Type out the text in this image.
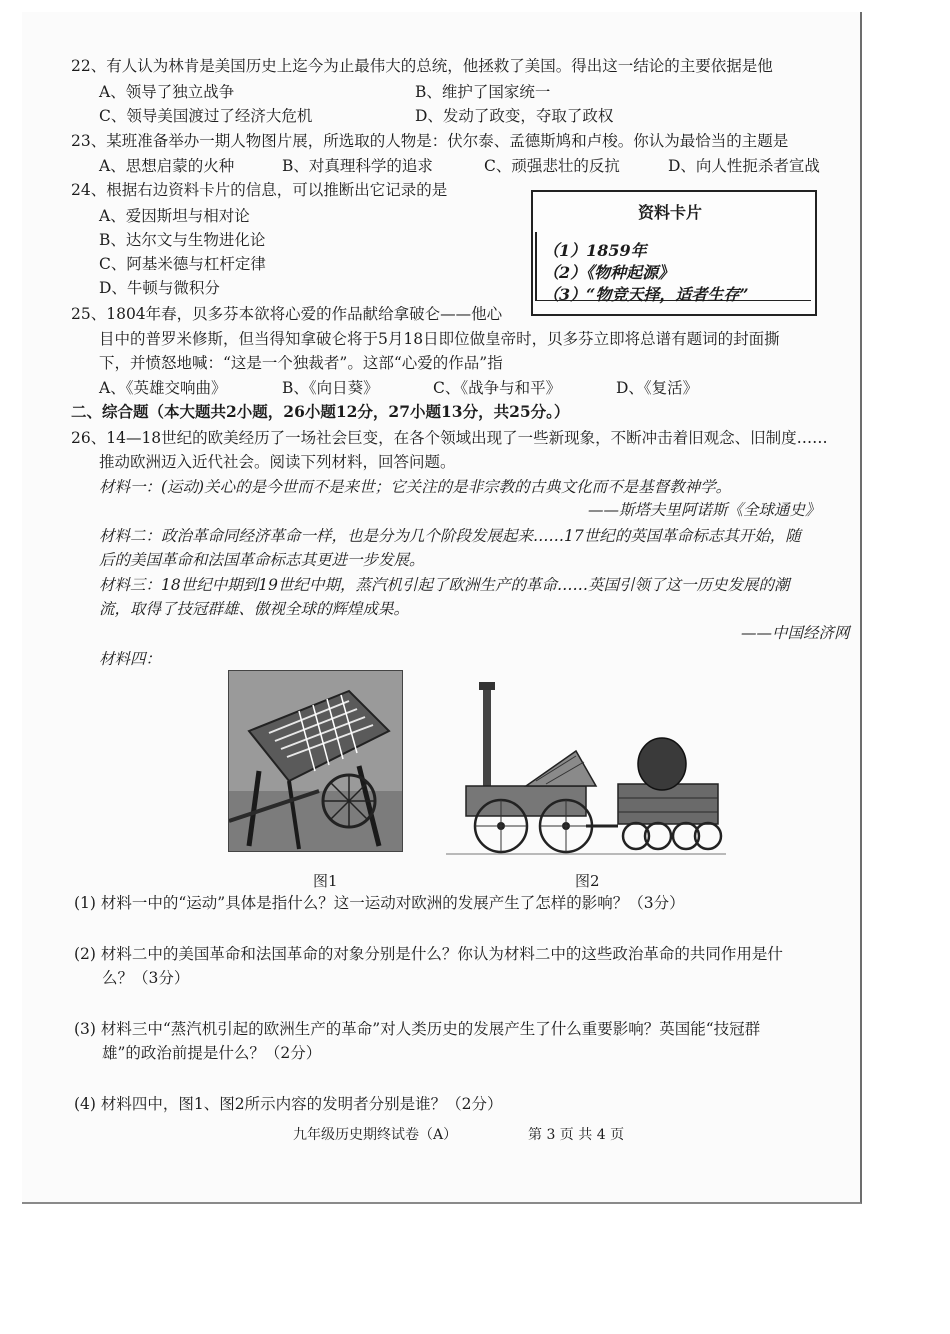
22、有人认为林肯是美国历史上迄今为止最伟大的总统，他拯救了美国。得出这一结论的主要依据是他
A、领导了独立战争	B、维护了国家统一
C、领导美国渡过了经济大危机	D、发动了政变，夺取了政权
23、某班准备举办一期人物图片展，所选取的人物是：伏尔泰、孟德斯鸠和卢梭。你认为最恰当的主题是
A、思想启蒙的火种	B、对真理科学的追求	C、顽强悲壮的反抗	D、向人性扼杀者宣战
24、根据右边资料卡片的信息，可以推断出它记录的是
A、爱因斯坦与相对论
B、达尔文与生物进化论
C、阿基米德与杠杆定律
D、牛顿与微积分
资料卡片
（1）1859年
（2）《物种起源》
（3）“物竞天择，适者生存”
25、1804年春，贝多芬本欲将心爱的作品献给拿破仑——他心
目中的普罗米修斯，但当得知拿破仑将于5月18日即位做皇帝时，贝多芬立即将总谱有题词的封面撕
下，并愤怒地喊：“这是一个独裁者”。这部“心爱的作品”指
A、《英雄交响曲》	B、《向日葵》	C、《战争与和平》	D、《复活》
二、综合题（本大题共2小题，26小题12分，27小题13分，共25分。）
26、14—18世纪的欧美经历了一场社会巨变，在各个领域出现了一些新现象，不断冲击着旧观念、旧制度……
推动欧洲迈入近代社会。阅读下列材料，回答问题。
材料一：(运动)关心的是今世而不是来世；它关注的是非宗教的古典文化而不是基督教神学。
——斯塔夫里阿诺斯《全球通史》
材料二：政治革命同经济革命一样，也是分为几个阶段发展起来……17世纪的英国革命标志其开始，随
后的美国革命和法国革命标志其更进一步发展。
材料三：18世纪中期到19世纪中期，蒸汽机引起了欧洲生产的革命……英国引领了这一历史发展的潮
流，取得了技冠群雄、傲视全球的辉煌成果。
——中国经济网
材料四：
图1	图2
(1) 材料一中的“运动”具体是指什么？这一运动对欧洲的发展产生了怎样的影响？（3分）
(2) 材料二中的美国革命和法国革命的对象分别是什么？你认为材料二中的这些政治革命的共同作用是什
么？（3分）
(3) 材料三中“蒸汽机引起的欧洲生产的革命”对人类历史的发展产生了什么重要影响？英国能“技冠群
雄”的政治前提是什么？（2分）
(4) 材料四中，图1、图2所示内容的发明者分别是谁？（2分）
九年级历史期终试卷（A）	第 3 页 共 4 页
